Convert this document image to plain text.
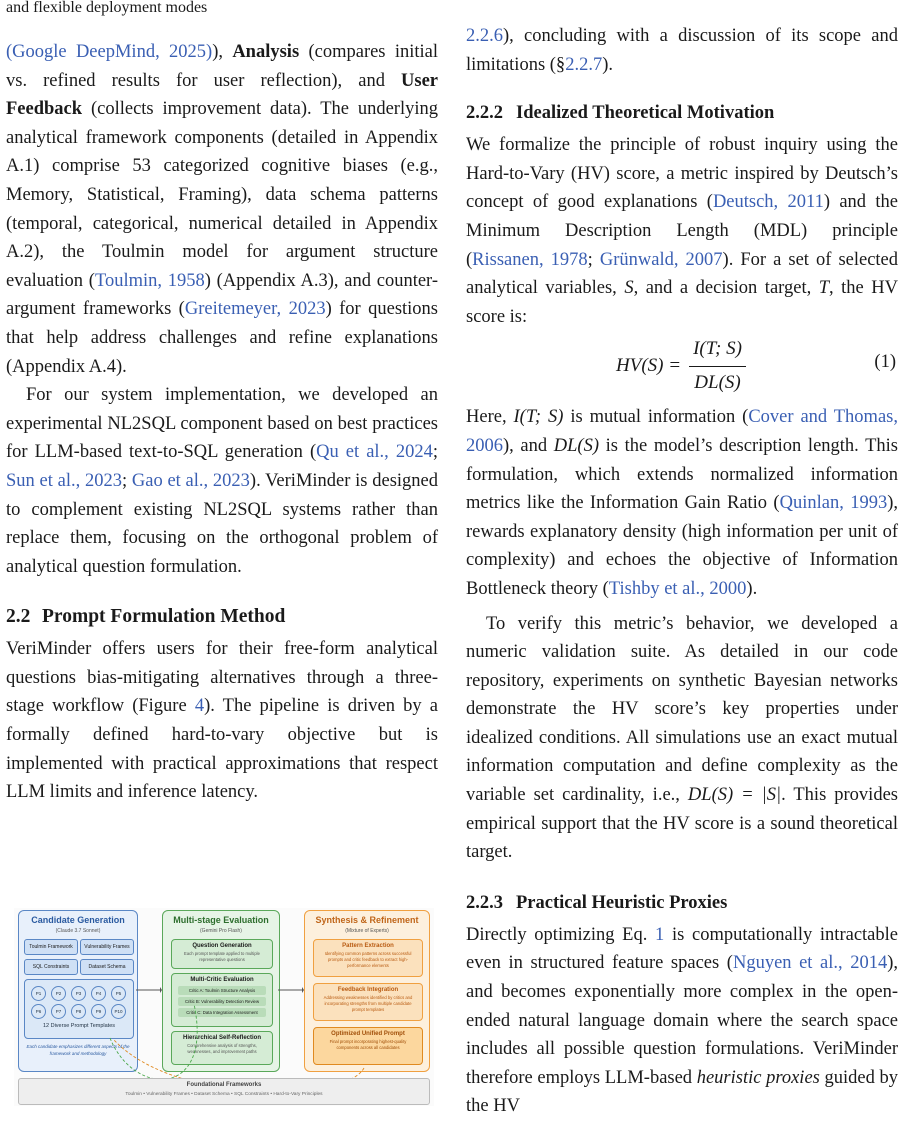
and flexible deployment modes

(Google DeepMind, 2025)), Analysis (compares initial vs. refined results for user reflection), and User Feedback (collects improvement data). The underlying analytical framework components (detailed in Appendix A.1) comprise 53 categorized cognitive biases (e.g., Memory, Statistical, Framing), data schema patterns (temporal, categorical, numerical detailed in Appendix A.2), the Toulmin model for argument structure evaluation (Toulmin, 1958) (Appendix A.3), and counter-argument frameworks (Greitemeyer, 2023) for questions that help address challenges and refine explanations (Appendix A.4).

For our system implementation, we developed an experimental NL2SQL component based on best practices for LLM-based text-to-SQL generation (Qu et al., 2024; Sun et al., 2023; Gao et al., 2023). VeriMinder is designed to complement existing NL2SQL systems rather than replace them, focusing on the orthogonal problem of analytical question formulation.

2.2 Prompt Formulation Method

VeriMinder offers users for their free-form analytical questions bias-mitigating alternatives through a three-stage workflow (Figure 4). The pipeline is driven by a formally defined hard-to-vary objective but is implemented with practical approximations that respect LLM limits and inference latency.

Candidate Generation
(Claude 3.7 Sonnet)
Toulmin Framework	Vulnerability Frames
SQL Constraints	Dataset Schema
P1	P2	P3	P4	P5
P6	P7	P8	P9	P10
12 Diverse Prompt Templates
Each candidate emphasizes different aspects of the framework and methodology
Multi-stage Evaluation
(Gemini Pro Flash)
Question Generation
Each prompt template applied to multiple representative questions
Multi-Critic Evaluation
Critic A: Toulmin Structure Analysis
Critic B: Vulnerability Detection Review
Critic C: Data Integration Assessment
Hierarchical Self-Reflection
Comprehensive analysis of strengths, weaknesses, and improvement paths
Synthesis & Refinement
(Mixture of Experts)
Pattern Extraction
Identifying common patterns across successful prompts and critic feedback to extract high-performance elements
Feedback Integration
Addressing weaknesses identified by critics and incorporating strengths from multiple candidate prompt templates
Optimized Unified Prompt
Final prompt incorporating highest-quality components across all candidates
Foundational Frameworks
Toulmin • Vulnerability Frames • Dataset Schema • SQL Constraints • Hard-to-Vary Principles

2.2.6), concluding with a discussion of its scope and limitations (§2.2.7).

2.2.2 Idealized Theoretical Motivation

We formalize the principle of robust inquiry using the Hard-to-Vary (HV) score, a metric inspired by Deutsch’s concept of good explanations (Deutsch, 2011) and the Minimum Description Length (MDL) principle (Rissanen, 1978; Grünwald, 2007). For a set of selected analytical variables, S, and a decision target, T, the HV score is:

$HV(S) = \frac{I(T; S)}{DL(S)}$	(1)

Here, I(T; S) is mutual information (Cover and Thomas, 2006), and DL(S) is the model’s description length. This formulation, which extends normalized information metrics like the Information Gain Ratio (Quinlan, 1993), rewards explanatory density (high information per unit of complexity) and echoes the objective of Information Bottleneck theory (Tishby et al., 2000).

To verify this metric’s behavior, we developed a numeric validation suite. As detailed in our code repository, experiments on synthetic Bayesian networks demonstrate the HV score’s key properties under idealized conditions. All simulations use an exact mutual information computation and define complexity as the variable set cardinality, i.e., DL(S) = |S|. This provides empirical support that the HV score is a sound theoretical target.

2.2.3 Practical Heuristic Proxies

Directly optimizing Eq. 1 is computationally intractable even in structured feature spaces (Nguyen et al., 2014), and becomes exponentially more complex in the open-ended natural language domain where the search space includes all possible question formulations. VeriMinder therefore employs LLM-based heuristic proxies guided by the HV
